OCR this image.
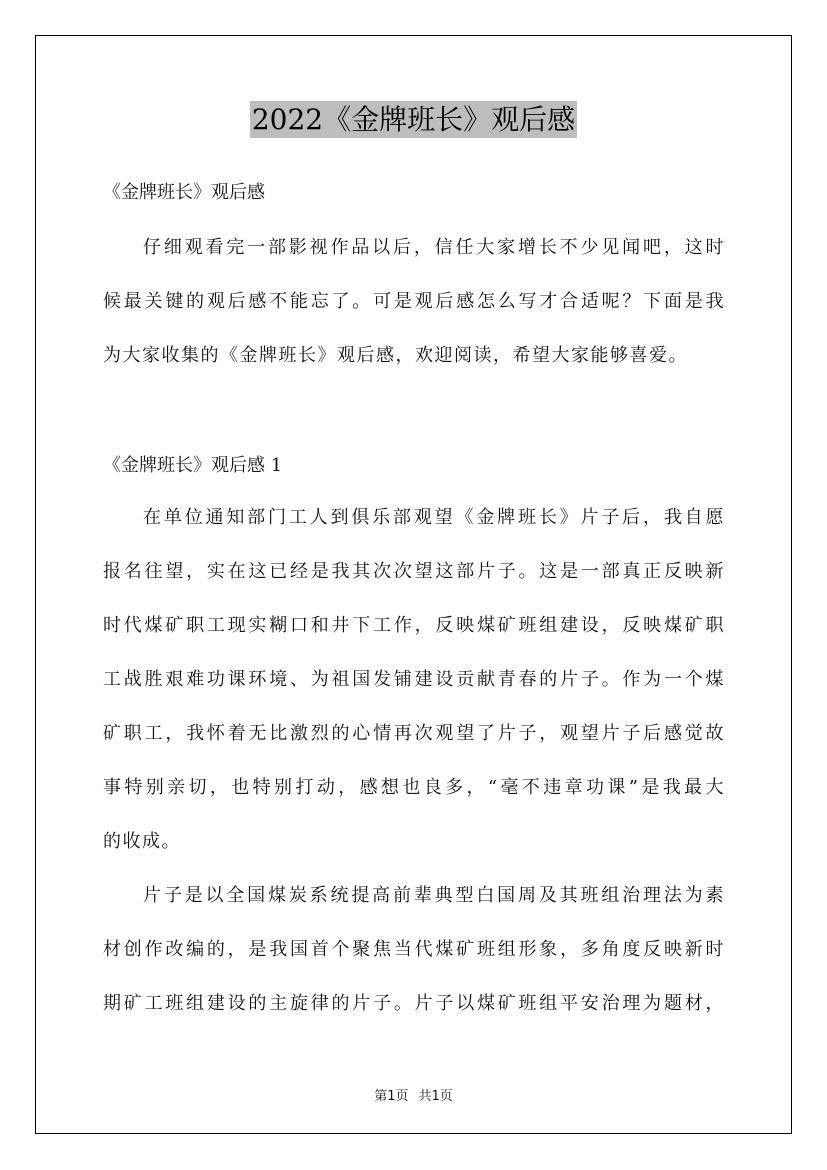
2022《金牌班长》观后感
《金牌班长》观后感
仔细观看完一部影视作品以后，信任大家增长不少见闻吧，这时
候最关键的观后感不能忘了。可是观后感怎么写才合适呢？下面是我
为大家收集的《金牌班长》观后感，欢迎阅读，希望大家能够喜爱。
《金牌班长》观后感 1
在单位通知部门工人到俱乐部观望《金牌班长》片子后，我自愿
报名往望，实在这已经是我其次次望这部片子。这是一部真正反映新
时代煤矿职工现实糊口和井下工作，反映煤矿班组建设，反映煤矿职
工战胜艰难功课环境、为祖国发铺建设贡献青春的片子。作为一个煤
矿职工，我怀着无比激烈的心情再次观望了片子，观望片子后感觉故
事特别亲切，也特别打动，感想也良多，“毫不违章功课”是我最大
的收成。
片子是以全国煤炭系统提高前辈典型白国周及其班组治理法为素
材创作改编的，是我国首个聚焦当代煤矿班组形象，多角度反映新时
期矿工班组建设的主旋律的片子。片子以煤矿班组平安治理为题材，
第1页 共1页
